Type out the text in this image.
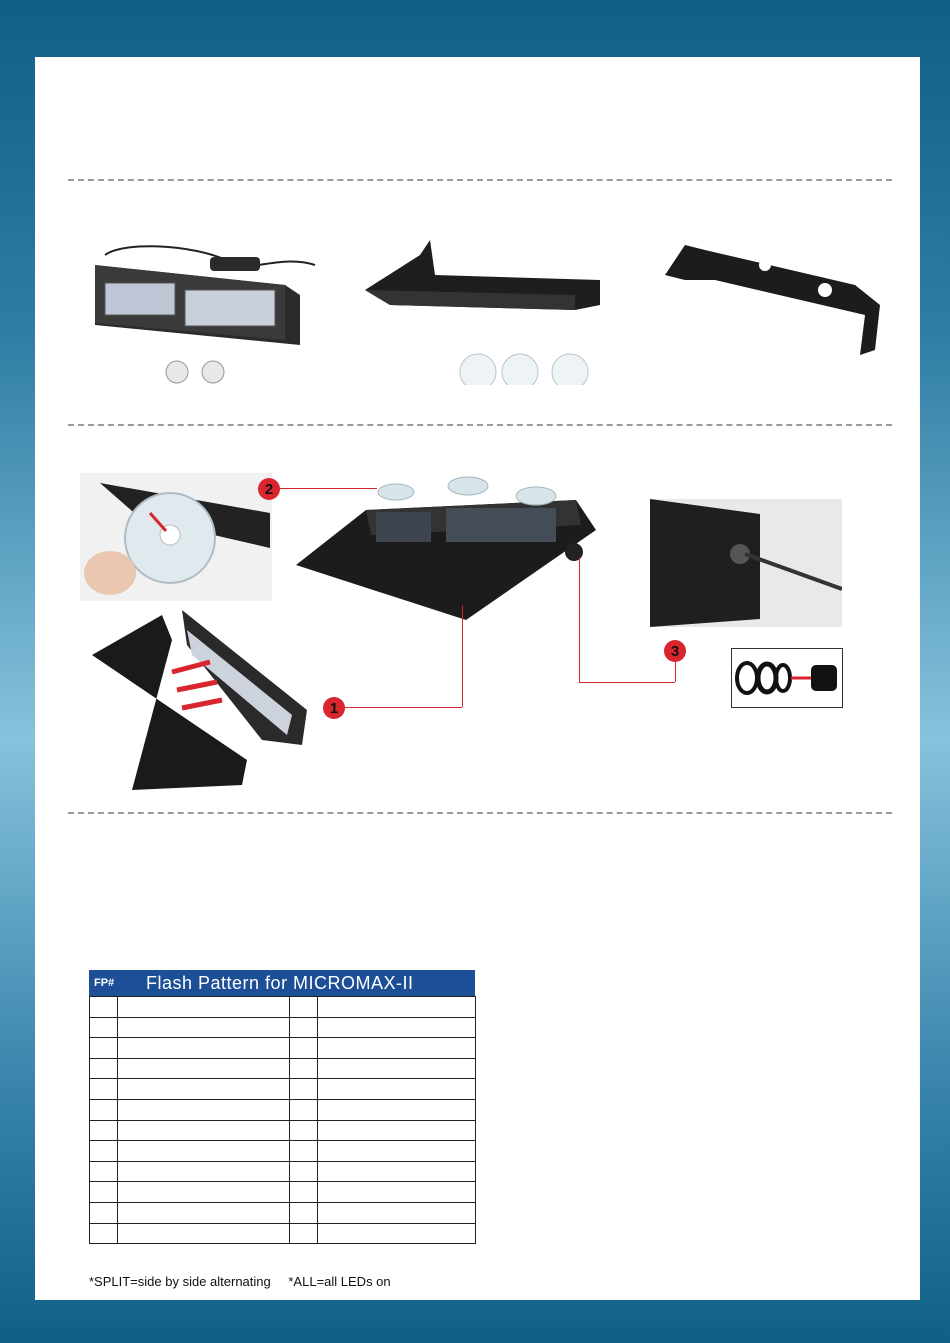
1
2
3
FP#	Flash Pattern for MICROMAX-II

*SPLIT=side by side alternating *ALL=all LEDs on
